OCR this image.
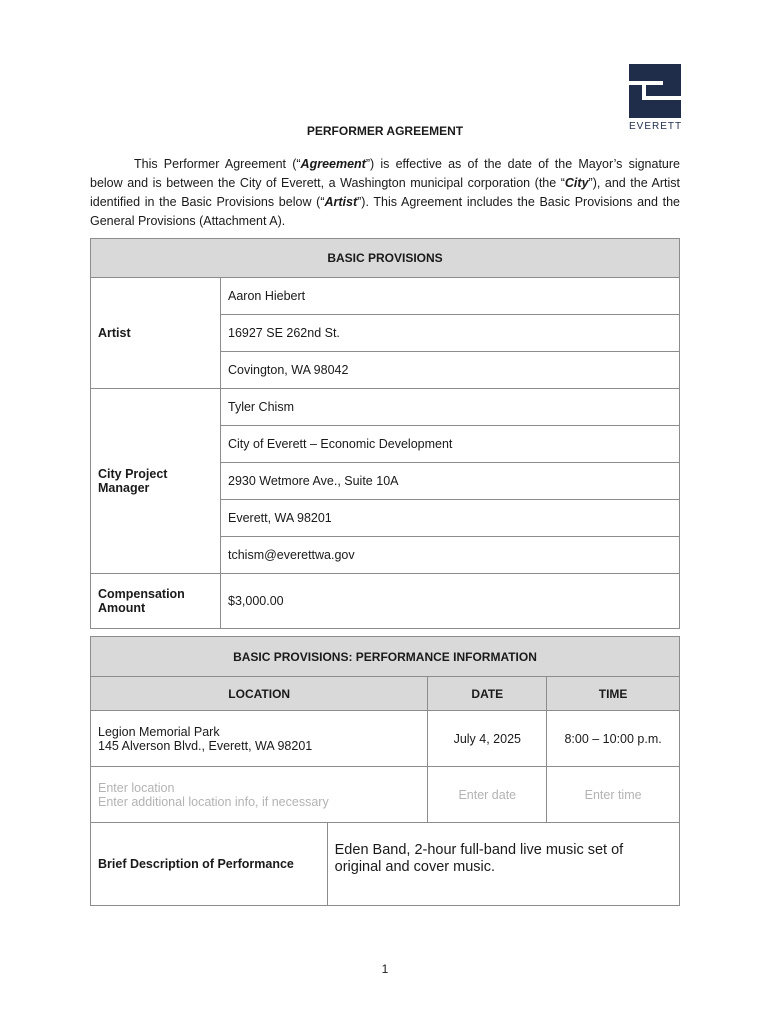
EVERETT
PERFORMER AGREEMENT
This Performer Agreement (“Agreement”) is effective as of the date of the Mayor’s signature below and is between the City of Everett, a Washington municipal corporation (the “City”), and the Artist identified in the Basic Provisions below (“Artist”). This Agreement includes the Basic Provisions and the General Provisions (Attachment A).
BASIC PROVISIONS	
Artist	Aaron Hiebert
	16927 SE 262nd St.
	Covington, WA 98042
City Project Manager	Tyler Chism
	City of Everett – Economic Development
	2930 Wetmore Ave., Suite 10A
	Everett, WA 98201
	tchism@everettwa.gov
Compensation Amount	$3,000.00
BASIC PROVISIONS: PERFORMANCE INFORMATION			
LOCATION		DATE	TIME

Legion Memorial Park
145 Alverson Blvd., Everett, WA 98201		July 4, 2025	8:00 – 10:00 p.m.

Enter location
Enter additional location info, if necessary		Enter date	Enter time
Brief Description of Performance	Eden Band, 2-hour full-band live music set of original and cover music.		
1
